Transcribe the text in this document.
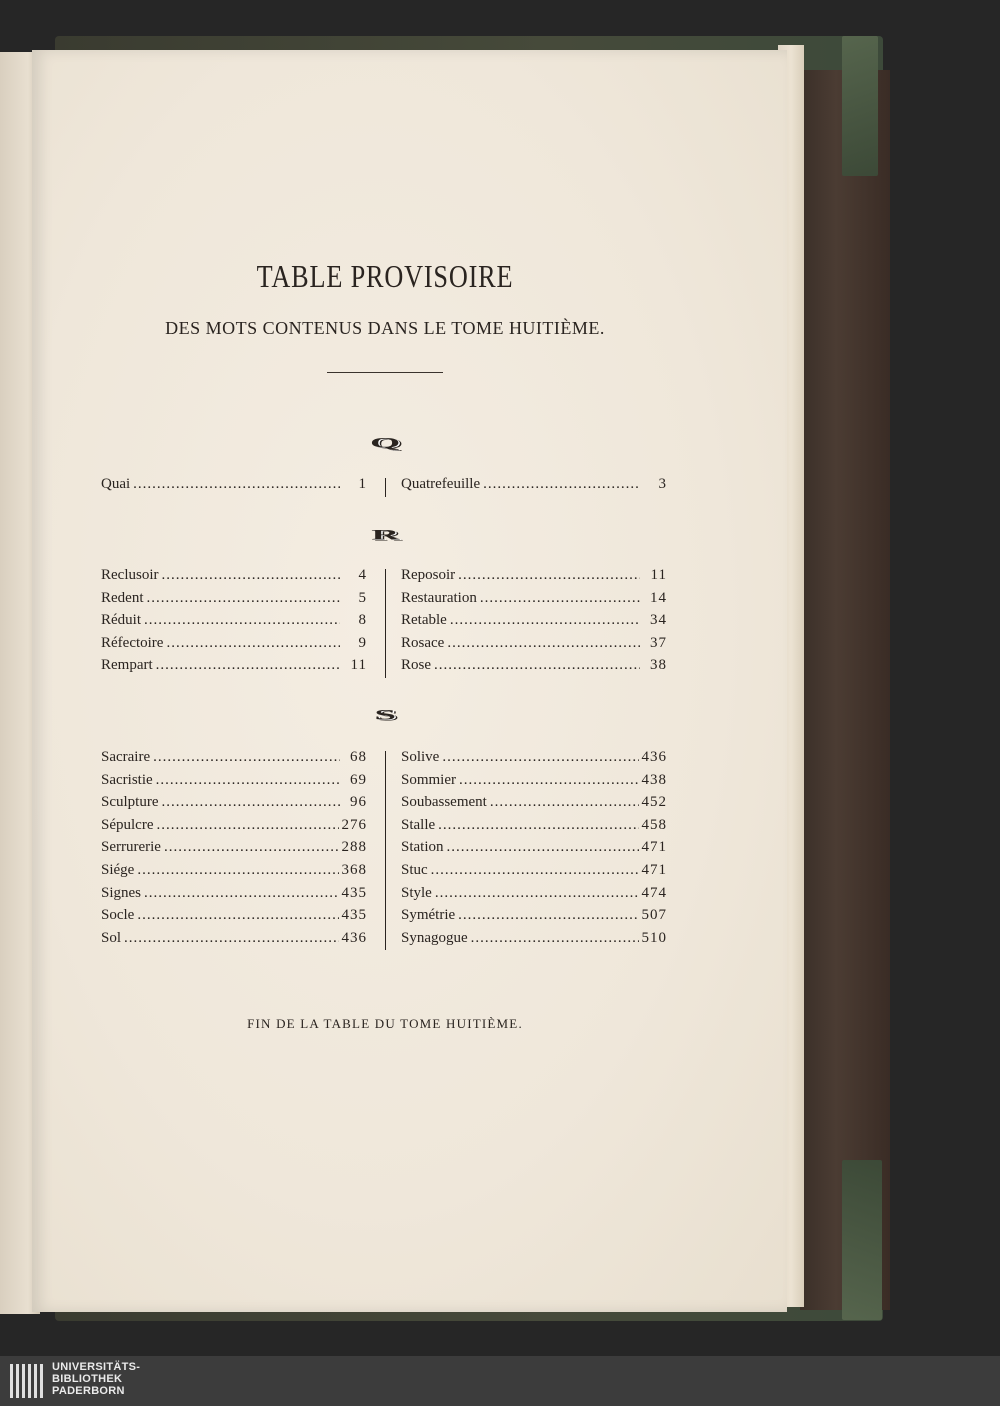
TABLE PROVISOIRE
DES MOTS CONTENUS DANS LE TOME HUITIÈME.
Q
Quai .....	1 Quatrefeuille .....	3
R
Reclusoir .....	4
Redent .....	5
Réduit .....	8
Réfectoire .....	9
Rempart .....	11
Reposoir .....	11
Restauration .....	14
Retable .....	34
Rosace .....	37
Rose .....	38
S
Sacraire .....	68
Sacristie .....	69
Sculpture .....	96
Sépulcre .....	276
Serrurerie .....	288
Siége .....	368
Signes .....	435
Socle .....	435
Sol .....	436
Solive .....	436
Sommier .....	438
Soubassement .....	452
Stalle .....	458
Station .....	471
Stuc .....	471
Style .....	474
Symétrie .....	507
Synagogue .....	510
FIN DE LA TABLE DU TOME HUITIÈME.
UNIVERSITÄTS-
BIBLIOTHEK
PADERBORN
